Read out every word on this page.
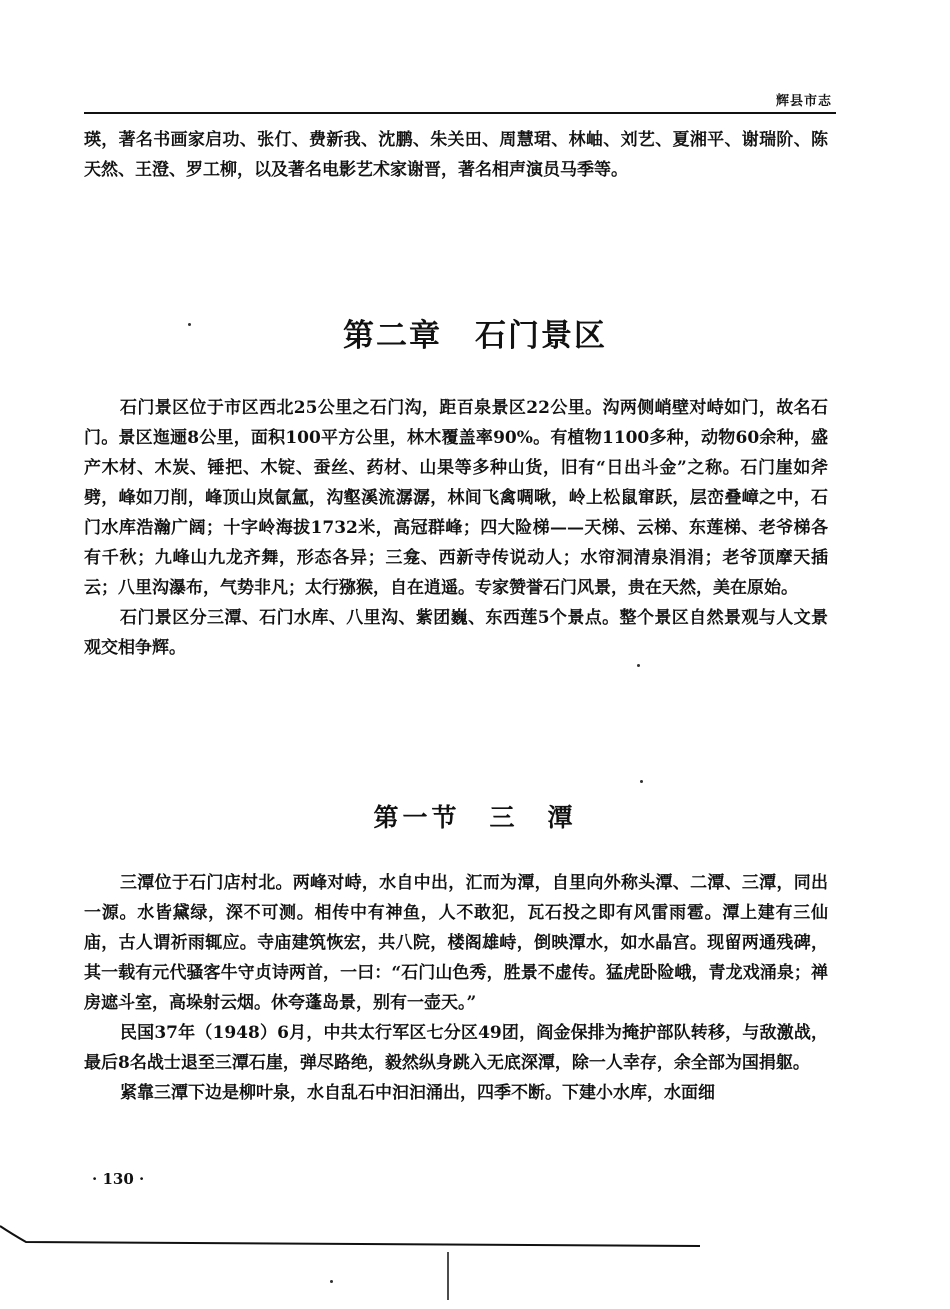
辉县市志

瑛，著名书画家启功、张仃、费新我、沈鹏、朱关田、周慧珺、林岫、刘艺、夏湘平、谢瑞阶、陈天然、王澄、罗工柳，以及著名电影艺术家谢晋，著名相声演员马季等。

第二章　石门景区

石门景区位于市区西北25公里之石门沟，距百泉景区22公里。沟两侧峭壁对峙如门，故名石门。景区迤逦8公里，面积100平方公里，林木覆盖率90%。有植物1100多种，动物60余种，盛产木材、木炭、锤把、木锭、蚕丝、药材、山果等多种山货，旧有“日出斗金”之称。石门崖如斧劈，峰如刀削，峰顶山岚氤氲，沟壑溪流潺潺，林间飞禽啁啾，岭上松鼠窜跃，层峦叠嶂之中，石门水库浩瀚广阔；十字岭海拔1732米，高冠群峰；四大险梯——天梯、云梯、东莲梯、老爷梯各有千秋；九峰山九龙齐舞，形态各异；三龛、西新寺传说动人；水帘洞清泉涓涓；老爷顶摩天插云；八里沟瀑布，气势非凡；太行猕猴，自在逍遥。专家赞誉石门风景，贵在天然，美在原始。

石门景区分三潭、石门水库、八里沟、紫团巍、东西莲5个景点。整个景区自然景观与人文景观交相争辉。

第一节　三　潭

三潭位于石门店村北。两峰对峙，水自中出，汇而为潭，自里向外称头潭、二潭、三潭，同出一源。水皆黛绿，深不可测。相传中有神鱼，人不敢犯，瓦石投之即有风雷雨雹。潭上建有三仙庙，古人谓祈雨辄应。寺庙建筑恢宏，共八院，楼阁雄峙，倒映潭水，如水晶宫。现留两通残碑，其一载有元代骚客牛守贞诗两首，一曰：“石门山色秀，胜景不虚传。猛虎卧险峨，青龙戏涌泉；禅房遮斗室，高垛射云烟。休夸蓬岛景，别有一壶天。”

民国37年（1948）6月，中共太行军区七分区49团，阎金保排为掩护部队转移，与敌激战，最后8名战士退至三潭石崖，弹尽路绝，毅然纵身跳入无底深潭，除一人幸存，余全部为国捐躯。

紧靠三潭下边是柳叶泉，水自乱石中汩汩涌出，四季不断。下建小水库，水面细

· 130 ·
